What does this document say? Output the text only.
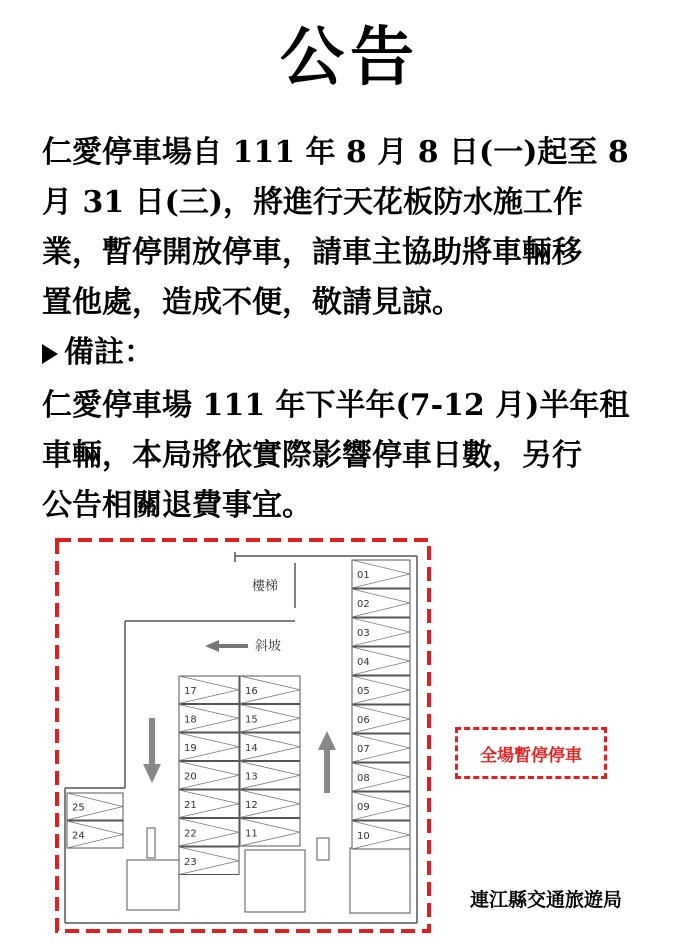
公告
仁愛停車場自 111 年 8 月 8 日(一)起至 8
月 31 日(三)，將進行天花板防水施工作
業，暫停開放停車，請車主協助將車輛移
置他處，造成不便，敬請見諒。
備註：
仁愛停車場 111 年下半年(7-12 月)半年租
車輛，本局將依實際影響停車日數，另行
公告相關退費事宜。
樓梯
斜坡
01
02
03
04
05
06
07
08
09
10
16
15
14
13
12
11
17
18
19
20
21
22
23
25
24
全場暫停停車
連江縣交通旅遊局
